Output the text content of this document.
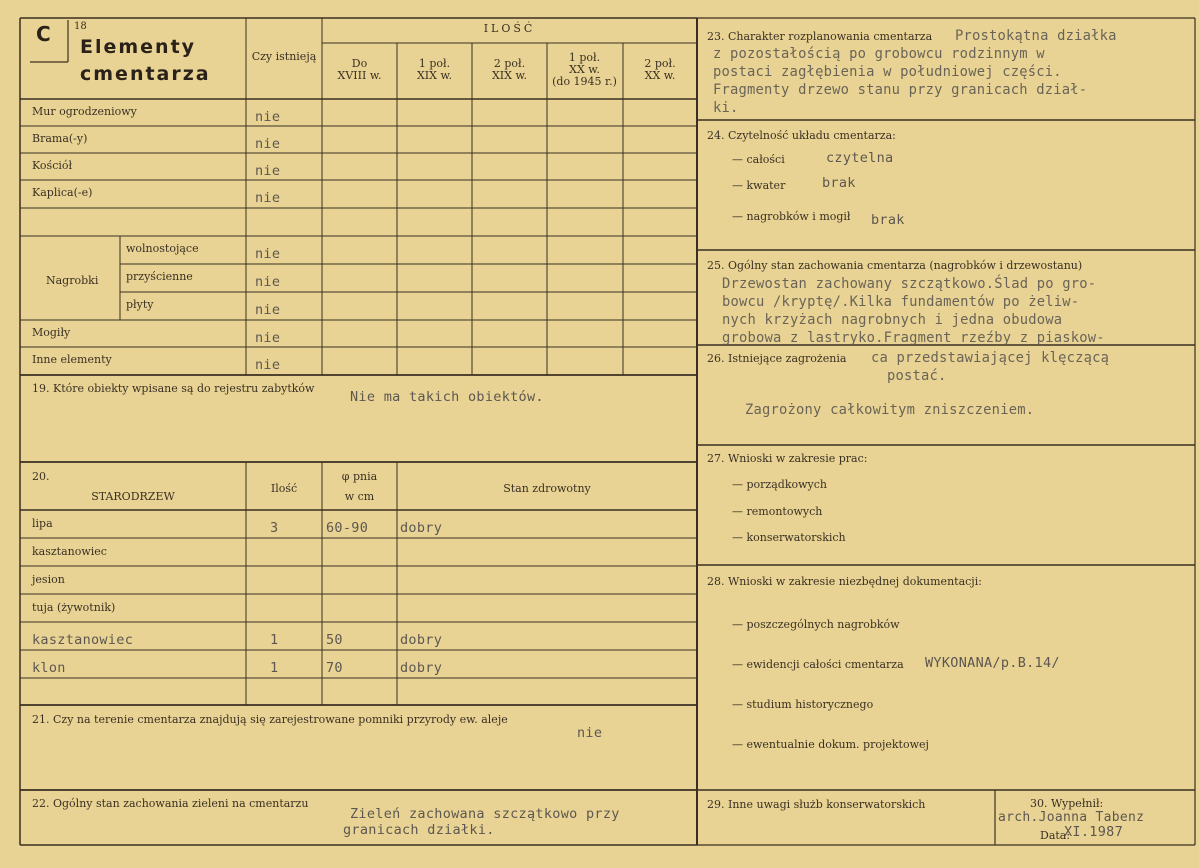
C 18
Elementy
cmentarza
Czy istnieją
ILOŚĆ
Do
XVIII w.
1 poł.
XIX w.
2 poł.
XIX w.
1 poł.
XX w.
(do 1945 r.)
2 poł.
XX w.
Mur ogrodzeniowy	nie
Brama(-y)	nie
Kościół	nie
Kaplica(-e)	nie
wolnostojące	nie
przyścienne	nie
płyty	nie
Mogiły	nie
Inne elementy	nie
Nagrobki
19. Które obiekty wpisane są do rejestru zabytków
Nie ma takich obiektów.
20.
STARODRZEW
Ilość
φ pnia
w cm
Stan zdrowotny
lipa	3	60-90 dobry
kasztanowiec
jesion
tuja (żywotnik)
kasztanowiec	1	50	dobry
klon	1	70	dobry
21. Czy na terenie cmentarza znajdują się zarejestrowane pomniki przyrody ew. aleje
nie
22. Ogólny stan zachowania zieleni na cmentarzu
Zieleń zachowana szczątkowo przy
granicach działki.
23. Charakter rozplanowania cmentarza Prostokątna działka
z pozostałością po grobowcu rodzinnym w
postaci zagłębienia w południowej części.
Fragmenty drzewo stanu przy granicach dział-
ki.
24. Czytelność układu cmentarza:
— całości	czytelna
— kwater	brak
— nagrobków i mogił brak
25. Ogólny stan zachowania cmentarza (nagrobków i drzewostanu)
Drzewostan zachowany szczątkowo.Ślad po gro-
bowcu /kryptę/.Kilka fundamentów po żeliw-
nych krzyżach nagrobnych i jedna obudowa
grobowa z lastryko.Fragment rzeźby z piaskow-
26. Istniejące zagrożenia ca przedstawiającej klęczącą
postać.
Zagrożony całkowitym zniszczeniem.
27. Wnioski w zakresie prac:
— porządkowych
— remontowych
— konserwatorskich
28. Wnioski w zakresie niezbędnej dokumentacji:
— poszczególnych nagrobków
— ewidencji całości cmentarza WYKONANA/p.B.14/
— studium historycznego
— ewentualnie dokum. projektowej
29. Inne uwagi służb konserwatorskich	30. Wypełnił:
arch.Joanna Tabenz
Data:
XI.1987
